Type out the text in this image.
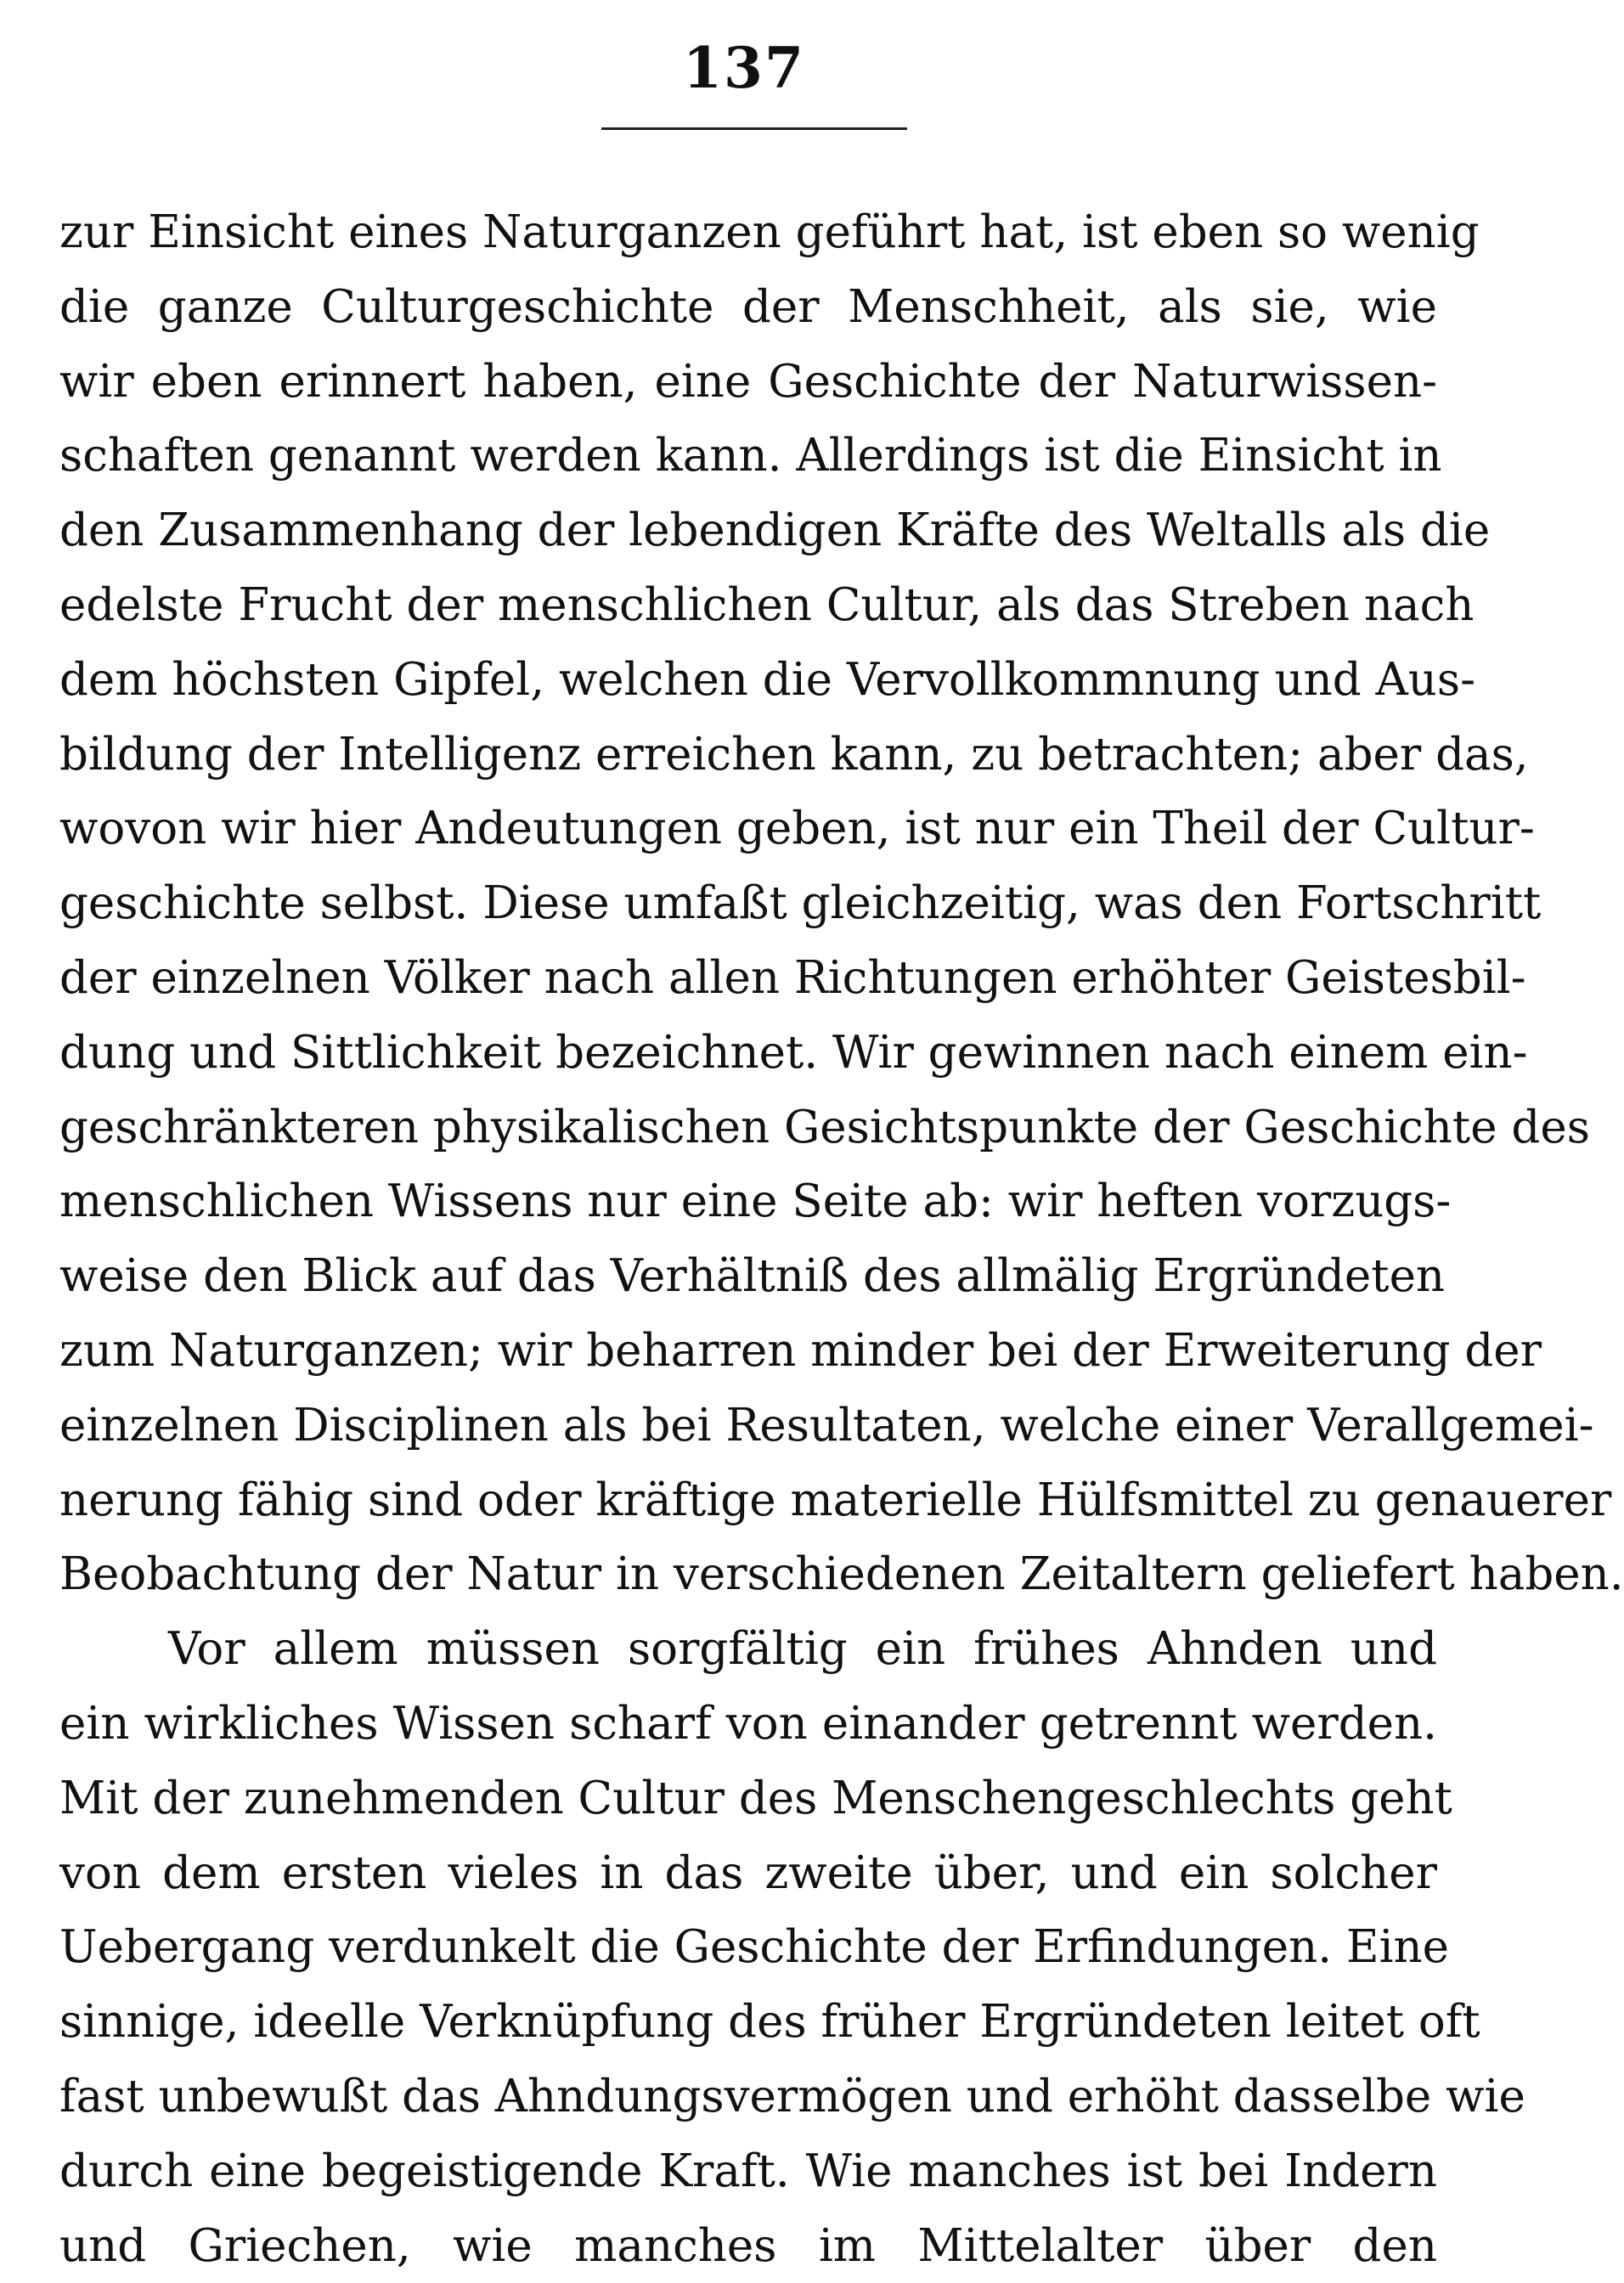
137
zur Einsicht eines Naturganzen geführt hat, ist eben so wenig
die ganze Culturgeschichte der Menschheit, als sie, wie
wir eben erinnert haben, eine Geschichte der Naturwissen-
schaften genannt werden kann. Allerdings ist die Einsicht in
den Zusammenhang der lebendigen Kräfte des Weltalls als die
edelste Frucht der menschlichen Cultur, als das Streben nach
dem höchsten Gipfel, welchen die Vervollkommnung und Aus-
bildung der Intelligenz erreichen kann, zu betrachten; aber das,
wovon wir hier Andeutungen geben, ist nur ein Theil der Cultur-
geschichte selbst. Diese umfaßt gleichzeitig, was den Fortschritt
der einzelnen Völker nach allen Richtungen erhöhter Geistesbil-
dung und Sittlichkeit bezeichnet. Wir gewinnen nach einem ein-
geschränkteren physikalischen Gesichtspunkte der Geschichte des
menschlichen Wissens nur eine Seite ab: wir heften vorzugs-
weise den Blick auf das Verhältniß des allmälig Ergründeten
zum Naturganzen; wir beharren minder bei der Erweiterung der
einzelnen Disciplinen als bei Resultaten, welche einer Verallgemei-
nerung fähig sind oder kräftige materielle Hülfsmittel zu genauerer
Beobachtung der Natur in verschiedenen Zeitaltern geliefert haben.
Vor allem müssen sorgfältig ein frühes Ahnden und
ein wirkliches Wissen scharf von einander getrennt werden.
Mit der zunehmenden Cultur des Menschengeschlechts geht
von dem ersten vieles in das zweite über, und ein solcher
Uebergang verdunkelt die Geschichte der Erfindungen. Eine
sinnige, ideelle Verknüpfung des früher Ergründeten leitet oft
fast unbewußt das Ahndungsvermögen und erhöht dasselbe wie
durch eine begeistigende Kraft. Wie manches ist bei Indern
und Griechen, wie manches im Mittelalter über den
